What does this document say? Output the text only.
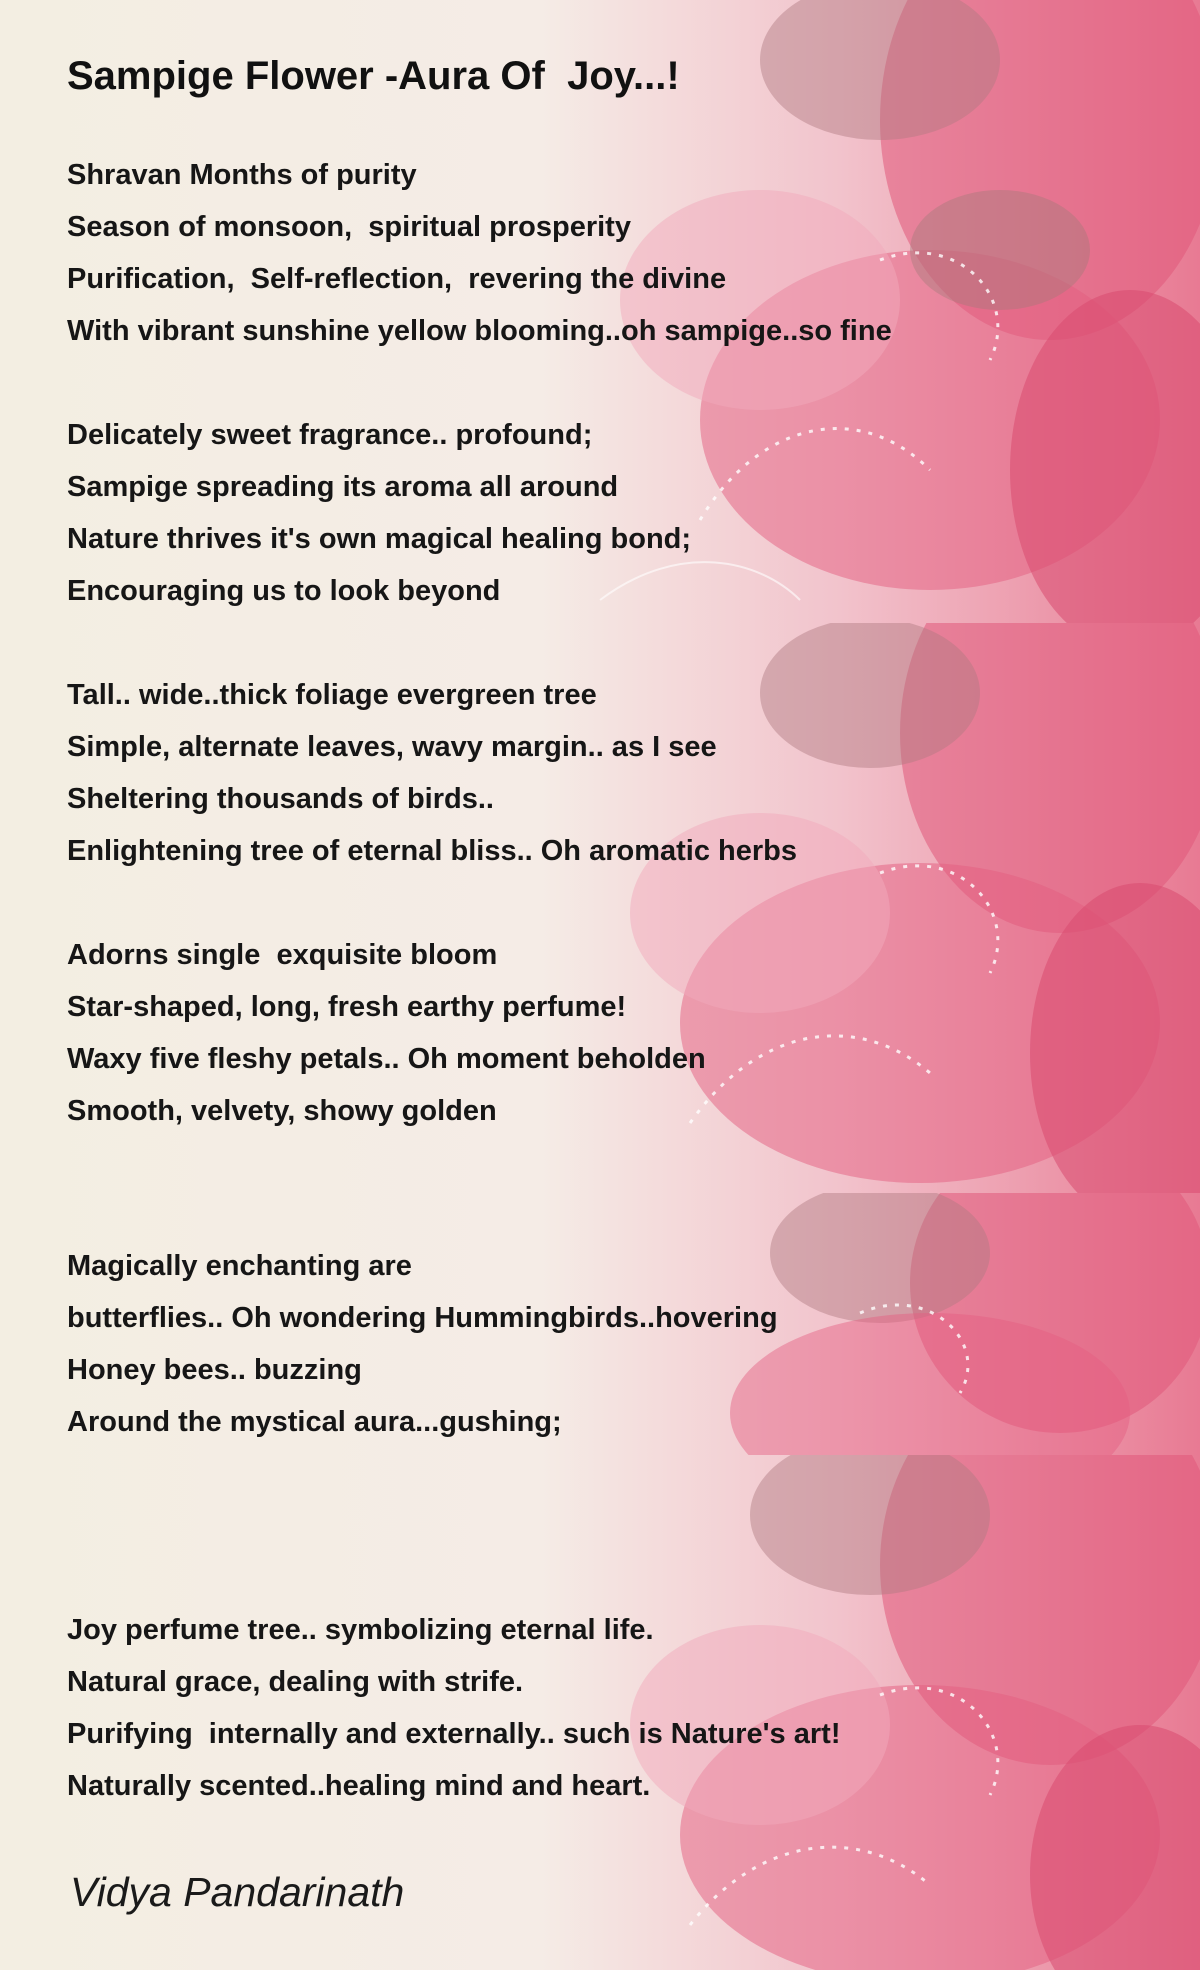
Sampige Flower -Aura Of  Joy...!

Shravan Months of purity

Season of monsoon,  spiritual prosperity

Purification,  Self-reflection,  revering the divine

With vibrant sunshine yellow blooming..oh sampige..so fine

Delicately sweet fragrance.. profound;

Sampige spreading its aroma all around

Nature thrives it's own magical healing bond;

Encouraging us to look beyond

Tall.. wide..thick foliage evergreen tree

Simple, alternate leaves, wavy margin.. as I see

Sheltering thousands of birds..

Enlightening tree of eternal bliss.. Oh aromatic herbs

Adorns single  exquisite bloom

Star-shaped, long, fresh earthy perfume!

Waxy five fleshy petals.. Oh moment beholden

Smooth, velvety, showy golden

Magically enchanting are

butterflies.. Oh wondering Hummingbirds..hovering

Honey bees.. buzzing

Around the mystical aura...gushing;

Joy perfume tree.. symbolizing eternal life.

Natural grace, dealing with strife.

Purifying  internally and externally.. such is Nature's art!

Naturally scented..healing mind and heart.

Vidya Pandarinath
